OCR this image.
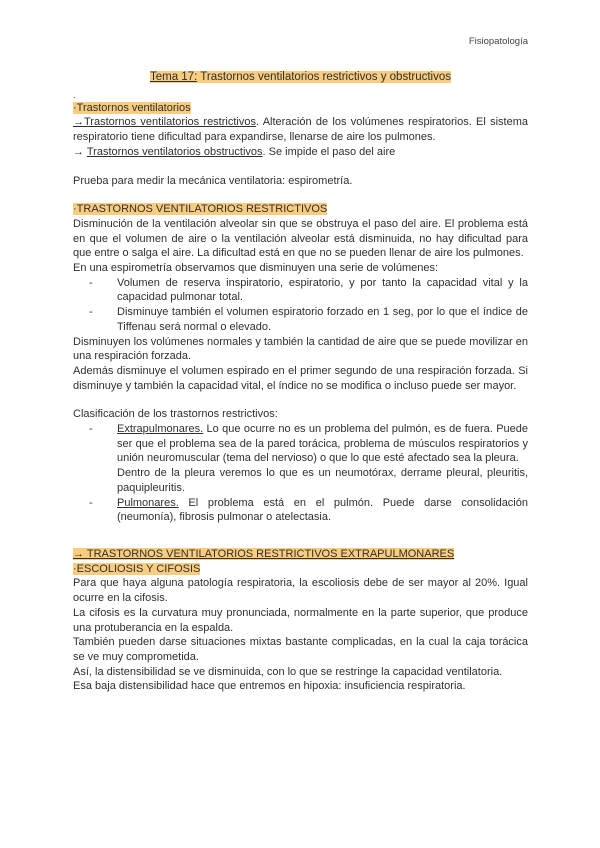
Fisiopatología
Tema 17: Trastornos ventilatorios restrictivos y obstructivos
.
·Trastornos ventilatorios

→Trastornos ventilatorios restrictivos. Alteración de los volúmenes respiratorios. El sistema respiratorio tiene dificultad para expandirse, llenarse de aire los pulmones.

→ Trastornos ventilatorios obstructivos. Se impide el paso del aire

Prueba para medir la mecánica ventilatoria: espirometría.

·TRASTORNOS VENTILATORIOS RESTRICTIVOS

Disminución de la ventilación alveolar sin que se obstruya el paso del aire. El problema está en que el volumen de aire o la ventilación alveolar está disminuida, no hay dificultad para que entre o salga el aire. La dificultad está en que no se pueden llenar de aire los pulmones.

En una espirometría observamos que disminuyen una serie de volúmenes:

- Volumen de reserva inspiratorio, espiratorio, y por tanto la capacidad vital y la capacidad pulmonar total.
- Disminuye también el volumen espiratorio forzado en 1 seg, por lo que el índice de Tiffenau será normal o elevado.

Disminuyen los volúmenes normales y también la cantidad de aire que se puede movilizar en una respiración forzada.

Además disminuye el volumen espirado en el primer segundo de una respiración forzada. Si disminuye y también la capacidad vital, el índice no se modifica o incluso puede ser mayor.

Clasificación de los trastornos restrictivos:

- Extrapulmonares. Lo que ocurre no es un problema del pulmón, es de fuera. Puede ser que el problema sea de la pared torácica, problema de músculos respiratorios y unión neuromuscular (tema del nervioso) o que lo que esté afectado sea la pleura.
Dentro de la pleura veremos lo que es un neumotórax, derrame pleural, pleuritis, paquipleuritis.
- Pulmonares. El problema está en el pulmón. Puede darse consolidación (neumonía), fibrosis pulmonar o atelectasia.
→ TRASTORNOS VENTILATORIOS RESTRICTIVOS EXTRAPULMONARES
·ESCOLIOSIS Y CIFOSIS

Para que haya alguna patología respiratoria, la escoliosis debe de ser mayor al 20%. Igual ocurre en la cifosis.

La cifosis es la curvatura muy pronunciada, normalmente en la parte superior, que produce una protuberancia en la espalda.

También pueden darse situaciones mixtas bastante complicadas, en la cual la caja torácica se ve muy comprometida.

Así, la distensibilidad se ve disminuida, con lo que se restringe la capacidad ventilatoria.

Esa baja distensibilidad hace que entremos en hipoxia: insuficiencia respiratoria.
